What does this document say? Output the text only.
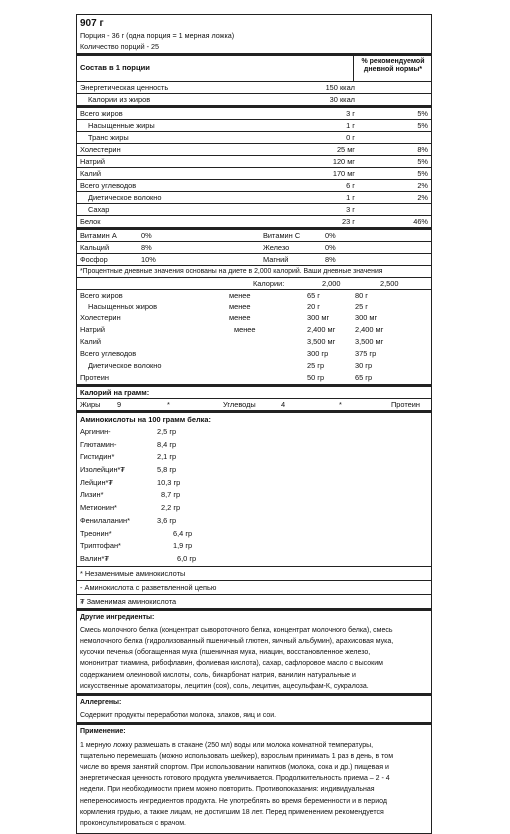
907 г
Порция - 36 г (одна порция = 1 мерная ложка)
Количество порций - 25
Состав в 1 порции
% рекомендуемой
дневной нормы*
Энергетическая ценность	150 ккал
Калории из жиров	30 ккал
Всего жиров	3 г	5%
Насыщенные жиры	1 г	5%
Транс жиры	0 г
Холестерин	25 мг	8%
Натрий	120 мг	5%
Калий	170 мг	5%
Всего углеводов	6 г	2%
Диетическое волокно	1 г	2%
Сахар	3 г
Белок	23 г	46%
Витамин A	0%	Витамин C	0%
Кальций	8%	Железо	0%
Фосфор	10%	Магний	8%
*Процентные дневные значения основаны на диете в 2,000 калорий. Ваши дневные значения
Калории:	2,000	2,500
Всего жиров	менее	65 г	80 г
Насыщенных жиров	менее	20 г	25 г
Холестерин	менее	300 мг	300 мг
Натрий	менее	2,400 мг	2,400 мг
Калий	3,500 мг	3,500 мг
Всего углеводов	300 гр	375 гр
Диетическое волокно	25 гр	30 гр
Протеин	50 гр	65 гр
Калорий на грамм:
Жиры 9	*	Углеводы	4	*	Протеин
Аминокислоты на 100 грамм белка:
Аргинин‑	2,5 гр
Глютамин‑	8,4 гр
Гистидин*	2,1 гр
Изолейцин*₮	5,8 гр
Лейцин*₮	10,3 гр
Лизин*	8,7 гр
Метионин*	2,2 гр
Фенилаланин*	3,6 гр
Треонин*	6,4 гр
Триптофан*	1,9 гр
Валин*₮	6,0 гр
* Незаменимые аминокислоты
‑ Аминокислота с разветвленной цепью
₮ Заменимая аминокислота
Другие ингредиенты:
Смесь молочного белка (концентрат сывороточного белка, концентрат молочного белка), смесь
немолочного белка (гидролизованный пшеничный глютен, яичный альбумин), арахисовая мука,
кусочки печенья (обогащенная мука (пшеничная мука, ниацин, восстановленное железо,
мононитрат тиамина, рибофлавин, фолиевая кислота), сахар, сафлоровое масло с высоким
содержанием олеиновой кислоты, соль, бикарбонат натрия, ванилин натуральные и
искусственные ароматизаторы, лецитин (соя), соль, лецитин, ацесульфам-К, сукралоза.
Аллергены:
Содержит продукты переработки молока, злаков, яиц и сои.
Применение:
1 мерную ложку размешать в стакане (250 мл) воды или молока комнатной температуры,
тщательно перемешать (можно использовать шейкер), взрослым принимать 1 раз в день, в том
числе во время занятий спортом. При использовании напитков (молока, сока и др.) пищевая и
энергетическая ценность готового продукта увеличивается. Продолжительность приема – 2 - 4
недели. При необходимости прием можно повторить. Противопоказания: индивидуальная
непереносимость ингредиентов продукта. Не употреблять во время беременности и в период
кормления грудью, а также лицам, не достигшим 18 лет. Перед применением рекомендуется
проконсультироваться с врачом.
